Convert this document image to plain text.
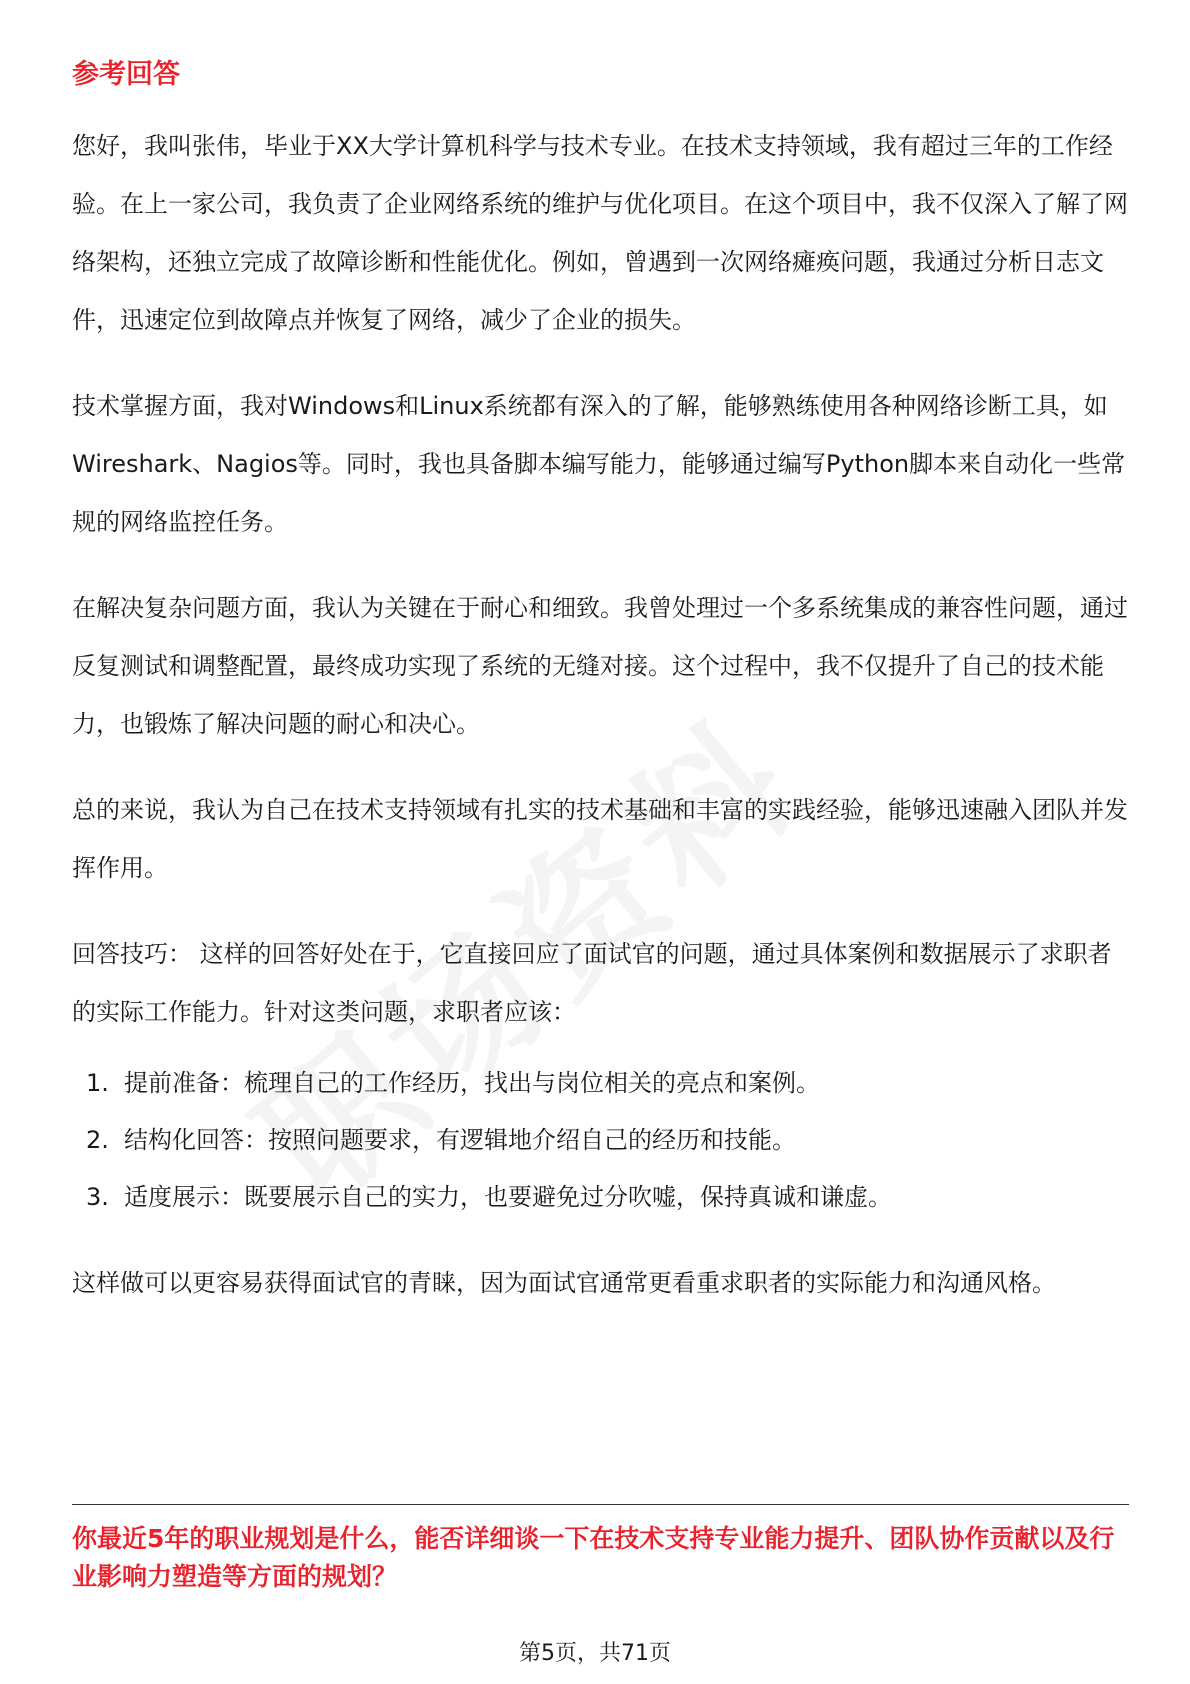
参考回答

您好，我叫张伟，毕业于XX大学计算机科学与技术专业。在技术支持领域，我有超过三年的工作经验。在上一家公司，我负责了企业网络系统的维护与优化项目。在这个项目中，我不仅深入了解了网络架构，还独立完成了故障诊断和性能优化。例如，曾遇到一次网络瘫痪问题，我通过分析日志文件，迅速定位到故障点并恢复了网络，减少了企业的损失。

技术掌握方面，我对Windows和Linux系统都有深入的了解，能够熟练使用各种网络诊断工具，如Wireshark、Nagios等。同时，我也具备脚本编写能力，能够通过编写Python脚本来自动化一些常规的网络监控任务。

在解决复杂问题方面，我认为关键在于耐心和细致。我曾处理过一个多系统集成的兼容性问题，通过反复测试和调整配置，最终成功实现了系统的无缝对接。这个过程中，我不仅提升了自己的技术能力，也锻炼了解决问题的耐心和决心。

总的来说，我认为自己在技术支持领域有扎实的技术基础和丰富的实践经验，能够迅速融入团队并发挥作用。

回答技巧： 这样的回答好处在于，它直接回应了面试官的问题，通过具体案例和数据展示了求职者的实际工作能力。针对这类问题，求职者应该：

1. 提前准备：梳理自己的工作经历，找出与岗位相关的亮点和案例。
2. 结构化回答：按照问题要求，有逻辑地介绍自己的经历和技能。
3. 适度展示：既要展示自己的实力，也要避免过分吹嘘，保持真诚和谦虚。

这样做可以更容易获得面试官的青睐，因为面试官通常更看重求职者的实际能力和沟通风格。

你最近5年的职业规划是什么，能否详细谈一下在技术支持专业能力提升、团队协作贡献以及行业影响力塑造等方面的规划？
第5页，共71页
